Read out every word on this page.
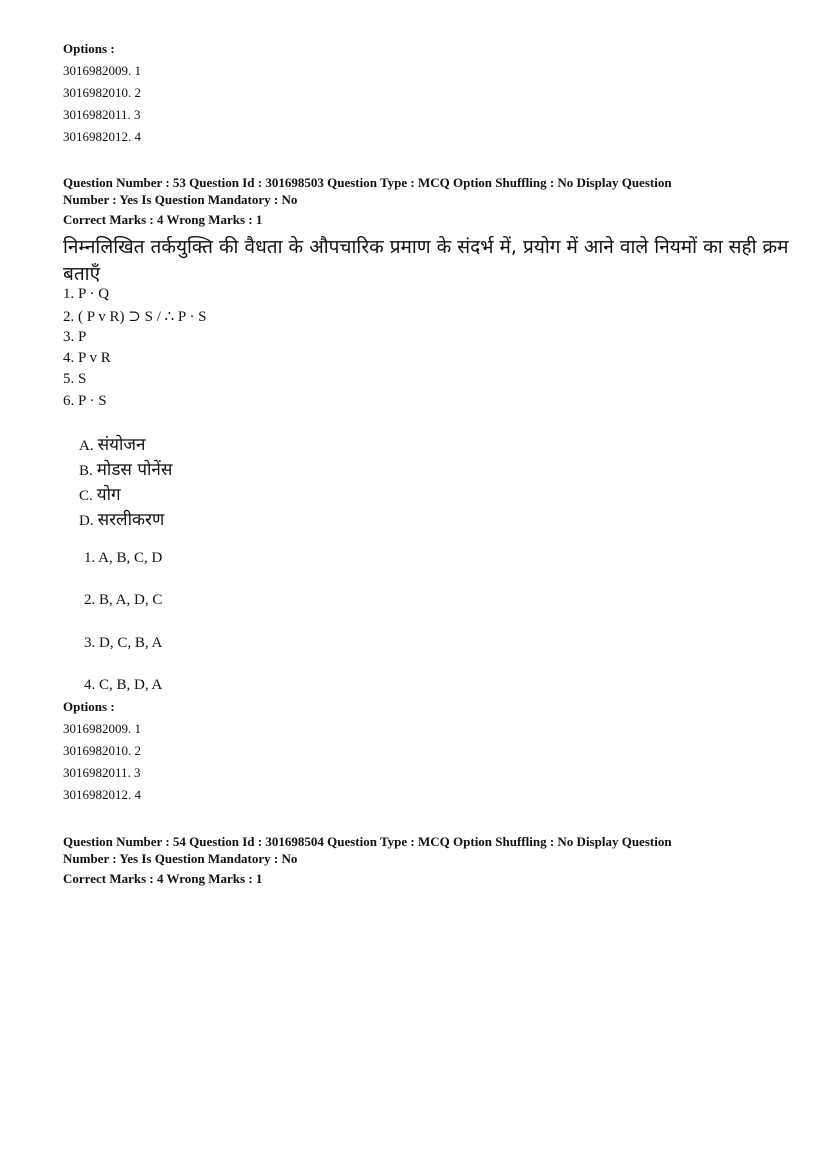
Options :
3016982009. 1
3016982010. 2
3016982011. 3
3016982012. 4
Question Number : 53 Question Id : 301698503 Question Type : MCQ Option Shuffling : No Display Question
Number : Yes Is Question Mandatory : No
Correct Marks : 4 Wrong Marks : 1
निम्नलिखित तर्कयुक्ति की वैधता के औपचारिक प्रमाण के संदर्भ में, प्रयोग में आने वाले नियमों का सही क्रम
बताएँ
1. P · Q
2. ( P v R) ⊃ S / ∴ P · S
3. P
4. P v R
5. S
6. P · S
A. संयोजन
B. मोडस पोनेंस
C. योग
D. सरलीकरण
1. A, B, C, D
2. B, A, D, C
3. D, C, B, A
4. C, B, D, A
Options :
3016982009. 1
3016982010. 2
3016982011. 3
3016982012. 4
Question Number : 54 Question Id : 301698504 Question Type : MCQ Option Shuffling : No Display Question
Number : Yes Is Question Mandatory : No
Correct Marks : 4 Wrong Marks : 1
